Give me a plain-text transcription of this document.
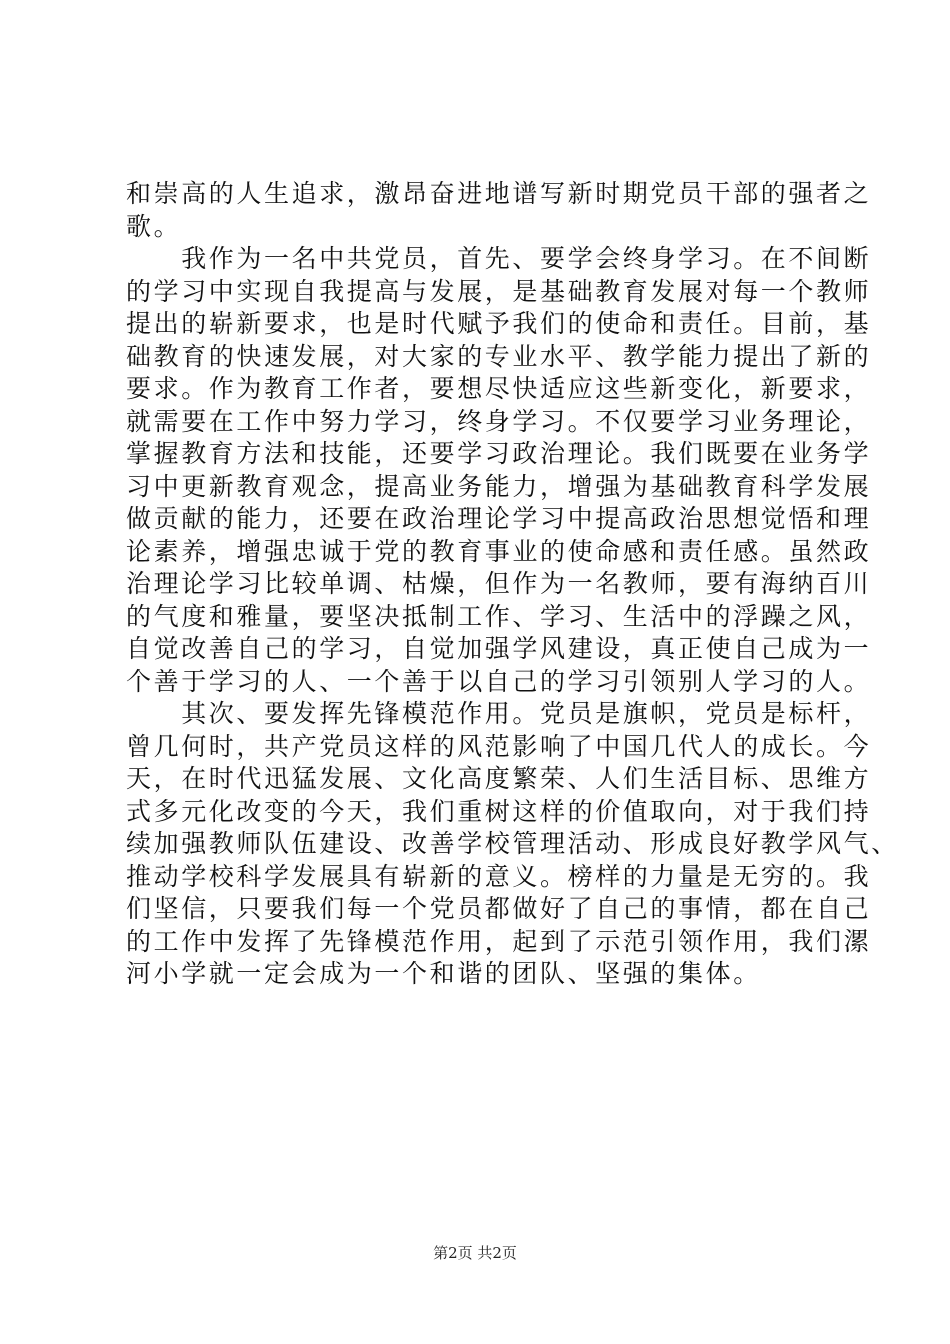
和崇高的人生追求，激昂奋进地谱写新时期党员干部的强者之
歌。
　　我作为一名中共党员，首先、要学会终身学习。在不间断
的学习中实现自我提高与发展，是基础教育发展对每一个教师
提出的崭新要求，也是时代赋予我们的使命和责任。目前，基
础教育的快速发展，对大家的专业水平、教学能力提出了新的
要求。作为教育工作者，要想尽快适应这些新变化，新要求，
就需要在工作中努力学习，终身学习。不仅要学习业务理论，
掌握教育方法和技能，还要学习政治理论。我们既要在业务学
习中更新教育观念，提高业务能力，增强为基础教育科学发展
做贡献的能力，还要在政治理论学习中提高政治思想觉悟和理
论素养，增强忠诚于党的教育事业的使命感和责任感。虽然政
治理论学习比较单调、枯燥，但作为一名教师，要有海纳百川
的气度和雅量，要坚决抵制工作、学习、生活中的浮躁之风，
自觉改善自己的学习，自觉加强学风建设，真正使自己成为一
个善于学习的人、一个善于以自己的学习引领别人学习的人。
　　其次、要发挥先锋模范作用。党员是旗帜，党员是标杆，
曾几何时，共产党员这样的风范影响了中国几代人的成长。今
天，在时代迅猛发展、文化高度繁荣、人们生活目标、思维方
式多元化改变的今天，我们重树这样的价值取向，对于我们持
续加强教师队伍建设、改善学校管理活动、形成良好教学风气、
推动学校科学发展具有崭新的意义。榜样的力量是无穷的。我
们坚信，只要我们每一个党员都做好了自己的事情，都在自己
的工作中发挥了先锋模范作用，起到了示范引领作用，我们漯
河小学就一定会成为一个和谐的团队、坚强的集体。
第2页 共2页
